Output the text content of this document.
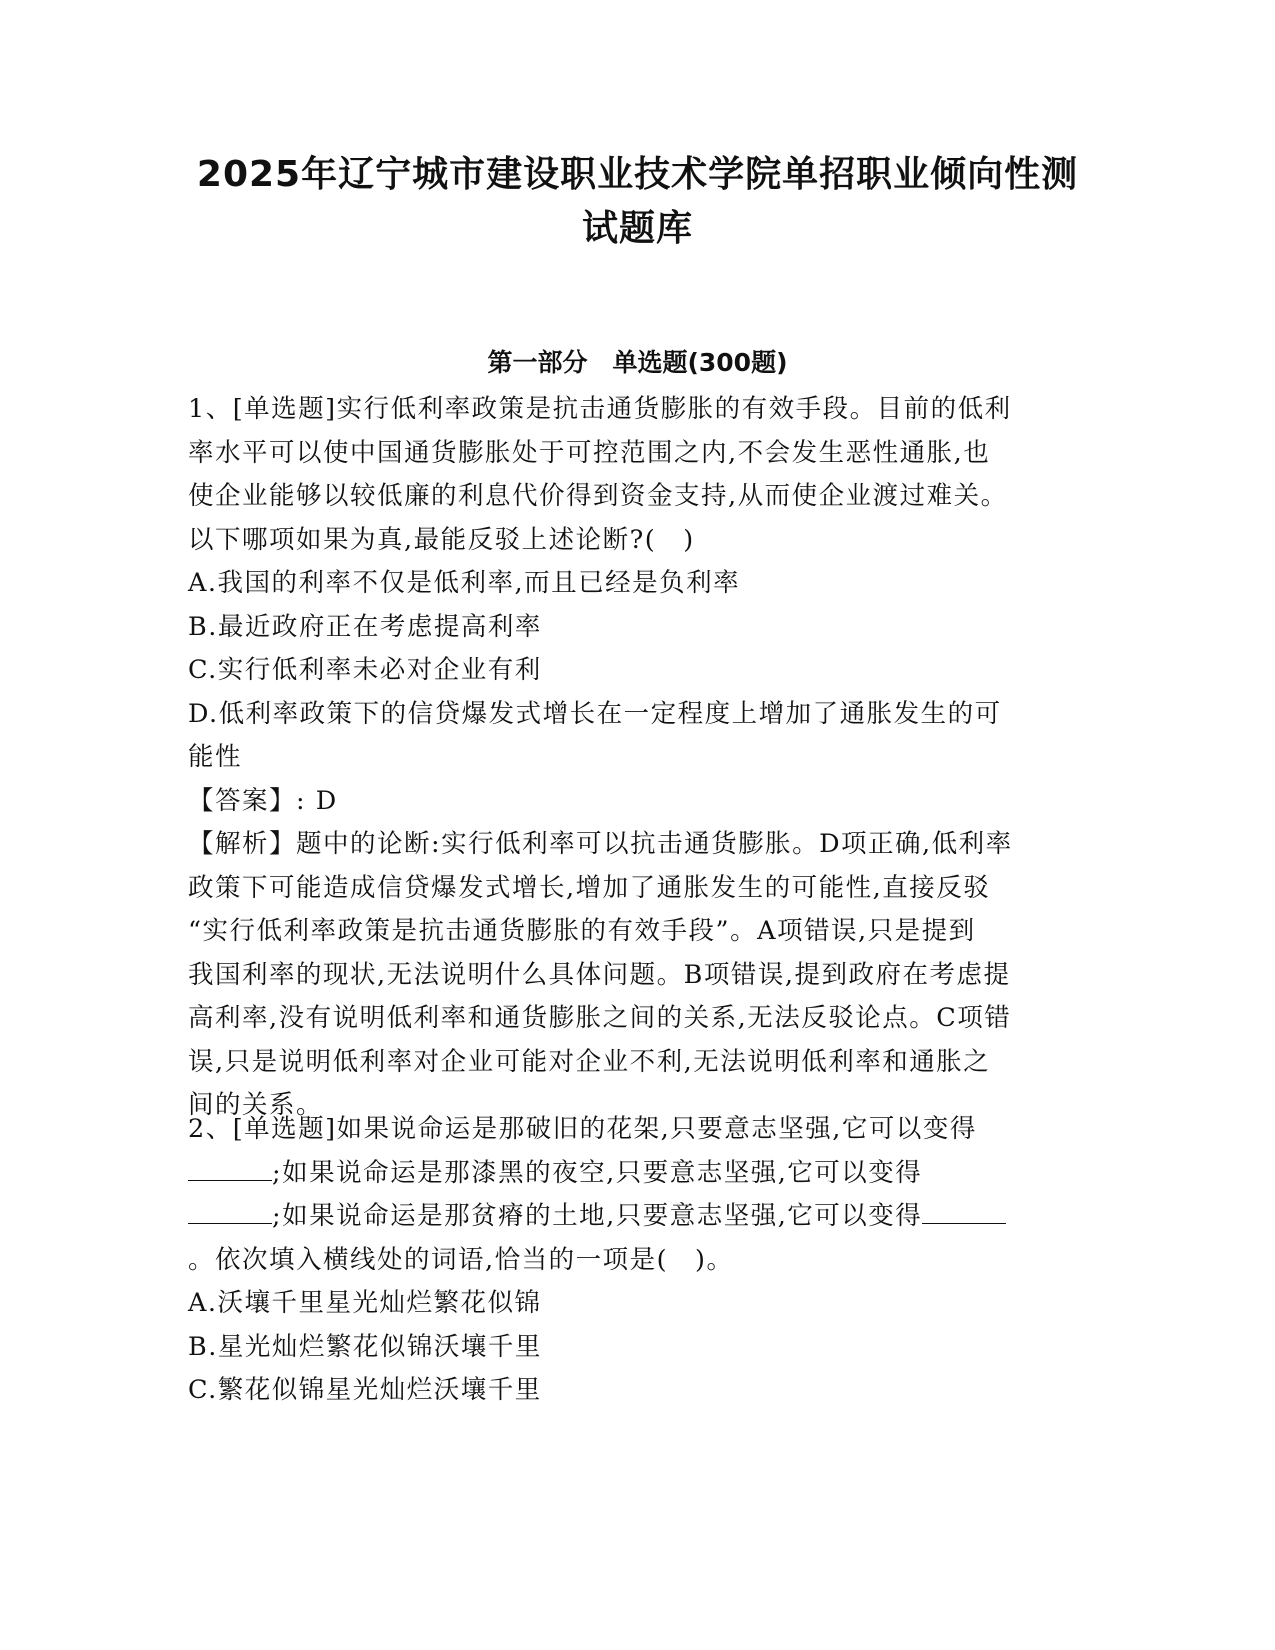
2025年辽宁城市建设职业技术学院单招职业倾向性测
试题库
第一部分　单选题(300题)
1、[单选题]实行低利率政策是抗击通货膨胀的有效手段。目前的低利
率水平可以使中国通货膨胀处于可控范围之内,不会发生恶性通胀,也
使企业能够以较低廉的利息代价得到资金支持,从而使企业渡过难关。
以下哪项如果为真,最能反驳上述论断?(　)
A.我国的利率不仅是低利率,而且已经是负利率
B.最近政府正在考虑提高利率
C.实行低利率未必对企业有利
D.低利率政策下的信贷爆发式增长在一定程度上增加了通胀发生的可
能性
【答案】: D
【解析】题中的论断:实行低利率可以抗击通货膨胀。D项正确,低利率
政策下可能造成信贷爆发式增长,增加了通胀发生的可能性,直接反驳
“实行低利率政策是抗击通货膨胀的有效手段”。A项错误,只是提到
我国利率的现状,无法说明什么具体问题。B项错误,提到政府在考虑提
高利率,没有说明低利率和通货膨胀之间的关系,无法反驳论点。C项错
误,只是说明低利率对企业可能对企业不利,无法说明低利率和通胀之
间的关系。
2、[单选题]如果说命运是那破旧的花架,只要意志坚强,它可以变得
;如果说命运是那漆黑的夜空,只要意志坚强,它可以变得
;如果说命运是那贫瘠的土地,只要意志坚强,它可以变得
。依次填入横线处的词语,恰当的一项是(　)。
A.沃壤千里星光灿烂繁花似锦
B.星光灿烂繁花似锦沃壤千里
C.繁花似锦星光灿烂沃壤千里
